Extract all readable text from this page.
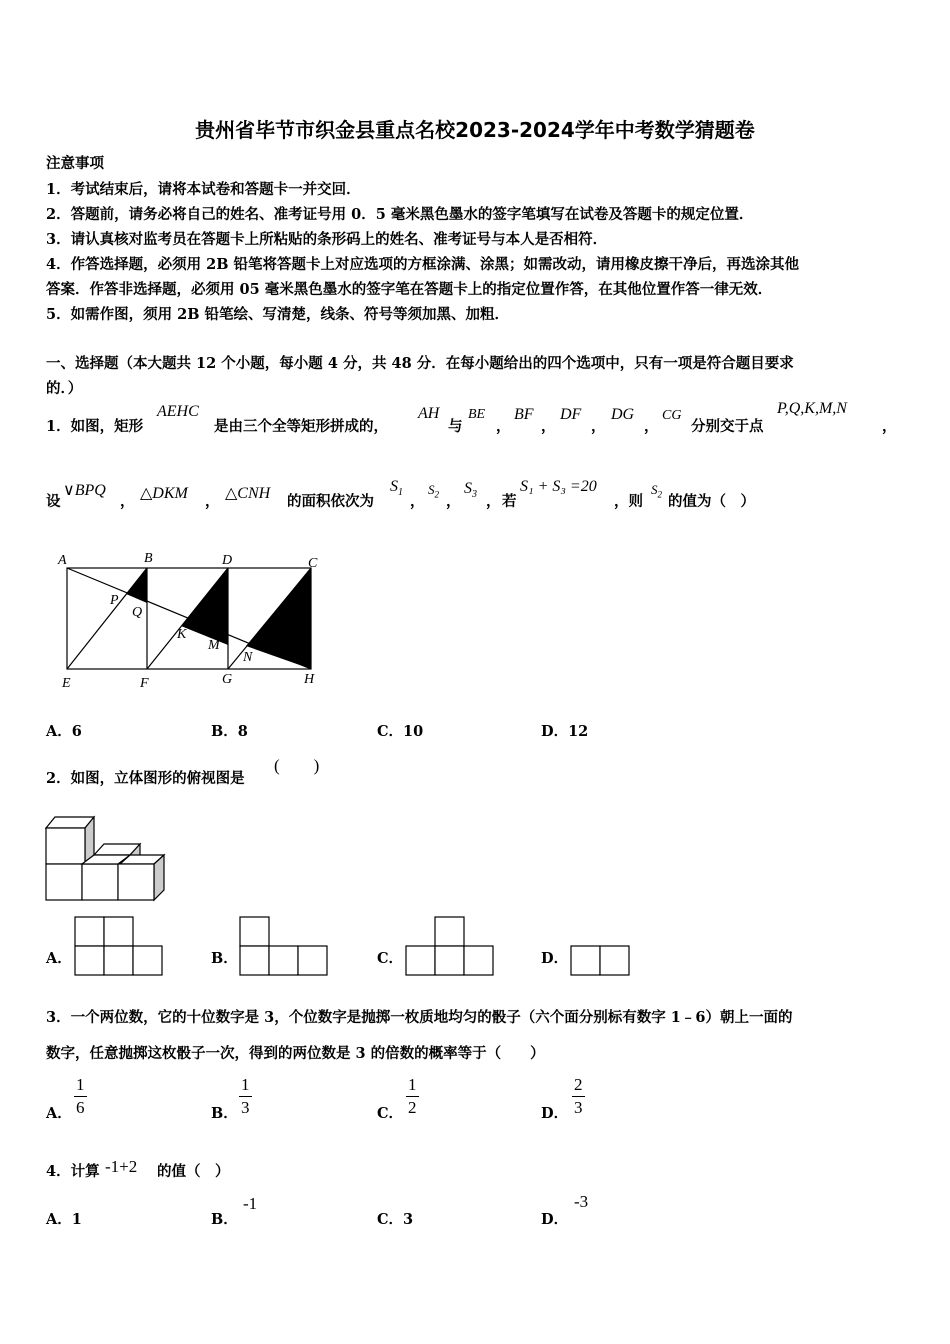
贵州省毕节市织金县重点名校2023-2024学年中考数学猜题卷
注意事项
1．考试结束后，请将本试卷和答题卡一并交回．
2．答题前，请务必将自己的姓名、准考证号用 0．5 毫米黑色墨水的签字笔填写在试卷及答题卡的规定位置．
3．请认真核对监考员在答题卡上所粘贴的条形码上的姓名、准考证号与本人是否相符．
4．作答选择题，必须用 2B 铅笔将答题卡上对应选项的方框涂满、涂黑；如需改动，请用橡皮擦干净后，再选涂其他
答案．作答非选择题，必须用 05 毫米黑色墨水的签字笔在答题卡上的指定位置作答，在其他位置作答一律无效．
5．如需作图，须用 2B 铅笔绘、写清楚，线条、符号等须加黑、加粗．
一、选择题（本大题共 12 个小题，每小题 4 分，共 48 分．在每小题给出的四个选项中，只有一项是符合题目要求
的．）
1．如图，矩形
AEHC
是由三个全等矩形拼成的，
AH
与
BE
，
BF
，
DF
，
DG
，
CG
分别交于点
P,Q,K,M,N
，
设
∨BPQ
， △DKM ， △CNH 的面积依次为
$S_1$
，
$S_2$ ，
$S_3$ ， 若
S₁ + S₃ =20
，则
$S_2$ 的值为（　）
A	B	D	C
P
Q
K
M
N
E	F	G	H
A．6	B．8	C．10	D．12
2．如图，立体图形的俯视图是
(　　)
A．	B．	C．	D．
3．一个两位数，它的十位数字是 3，个位数字是抛掷一枚质地均匀的骰子（六个面分别标有数字 1﹣6）朝上一面的
数字，任意抛掷这枚骰子一次，得到的两位数是 3 的倍数的概率等于（　　）
A． $\frac{1}{6}$	B． $\frac{1}{3}$	C． $\frac{1}{2}$	D． $\frac{2}{3}$
4．计算 -1+2 的值（　）
A．1	B．
-1
C．3	D．
-3
